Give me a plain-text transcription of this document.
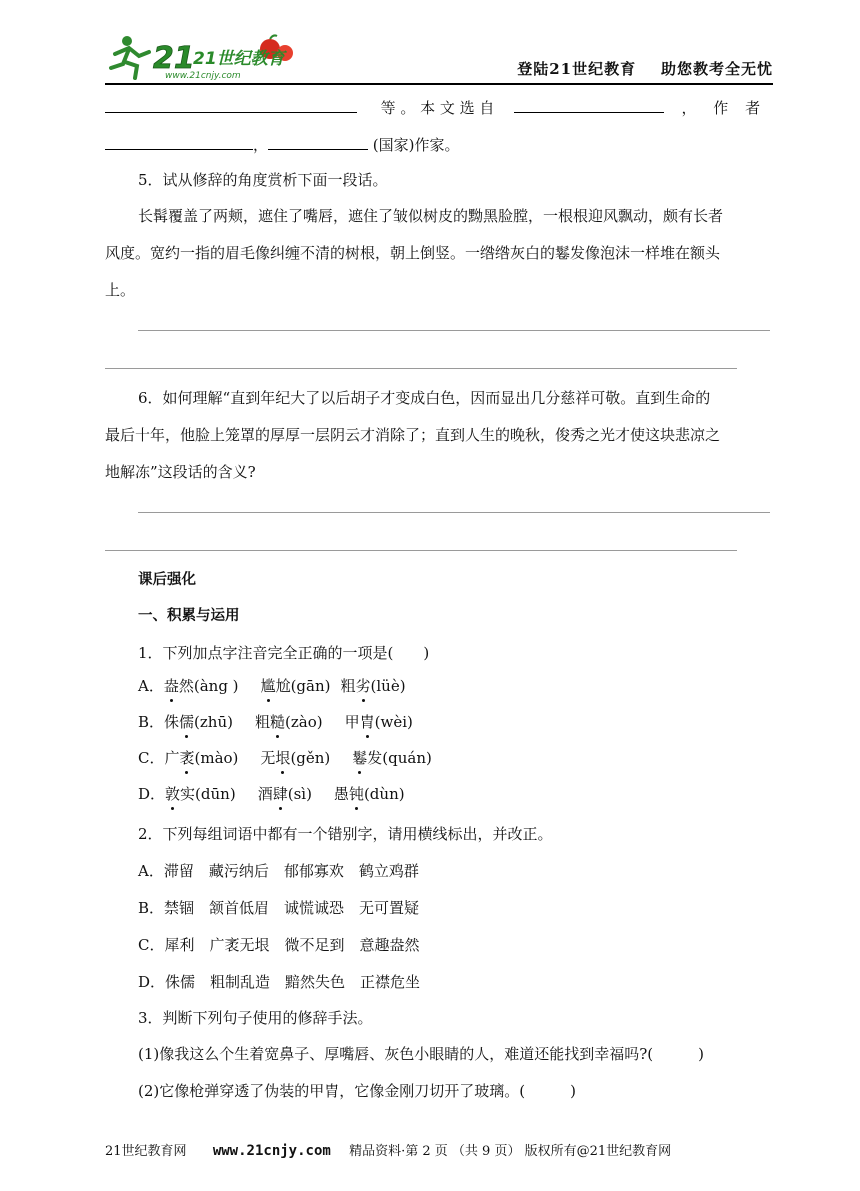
21
21世纪教育
www.21cnjy.com	登陆21世纪教育    助您教考全无忧
等 。 本 文 选 自	， 作 者
，	(国家)作家。
5．试从修辞的角度赏析下面一段话。
长髯覆盖了两颊，遮住了嘴唇，遮住了皱似树皮的黝黑脸膛，一根根迎风飘动，颇有长者
风度。宽约一指的眉毛像纠缠不清的树根，朝上倒竖。一绺绺灰白的鬈发像泡沫一样堆在额头
上。
6．如何理解“直到年纪大了以后胡子才变成白色，因而显出几分慈祥可敬。直到生命的
最后十年，他脸上笼罩的厚厚一层阴云才消除了；直到人生的晚秋，俊秀之光才使这块悲凉之
地解冻”这段话的含义?
课后强化
一、积累与运用
1．下列加点字注音完全正确的一项是(　　)
A．盎然(àng ) 尴尬(gān) 粗劣(lüè)
B．侏儒(zhū) 粗糙(zào) 甲胄(wèi)
C．广袤(mào) 无垠(gěn) 鬈发(quán)
D．敦实(dūn) 酒肆(sì) 愚钝(dùn)
2．下列每组词语中都有一个错别字，请用横线标出，并改正。
A．滞留　藏污纳后　郁郁寡欢　鹤立鸡群
B．禁锢　颔首低眉　诚慌诚恐　无可置疑
C．犀利　广袤无垠　微不足到　意趣盎然
D．侏儒　粗制乱造　黯然失色　正襟危坐
3．判断下列句子使用的修辞手法。
(1)像我这么个生着宽鼻子、厚嘴唇、灰色小眼睛的人，难道还能找到幸福吗?(　　　)
(2)它像枪弹穿透了伪装的甲胄，它像金刚刀切开了玻璃。(　　　)
21世纪教育网 www.21cnjy.com 精品资料·第 2 页 （共 9 页） 版权所有@21世纪教育网
